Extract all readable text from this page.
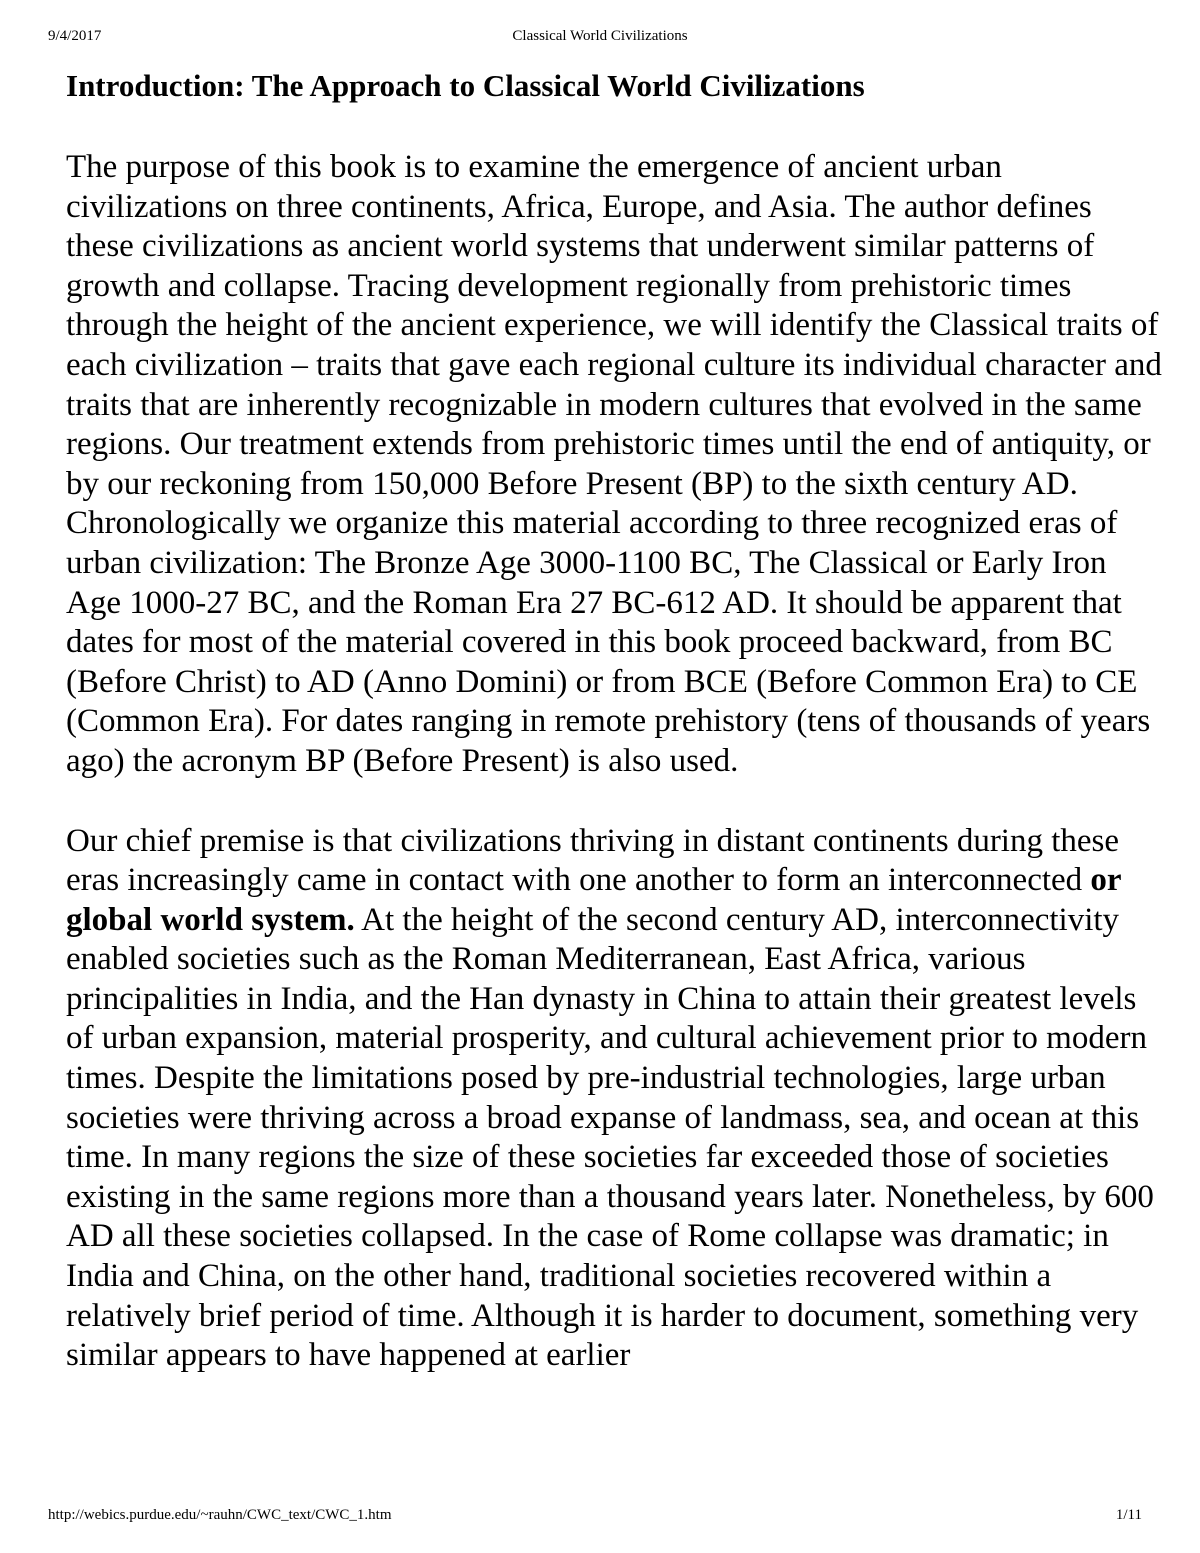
9/4/2017	Classical World Civilizations
Introduction: The Approach to Classical World Civilizations

The purpose of this book is to examine the emergence of ancient urban civilizations on three continents, Africa, Europe, and Asia. The author defines these civilizations as ancient world systems that underwent similar patterns of growth and collapse. Tracing development regionally from prehistoric times through the height of the ancient experience, we will identify the Classical traits of each civilization – traits that gave each regional culture its individual character and traits that are inherently recognizable in modern cultures that evolved in the same regions. Our treatment extends from prehistoric times until the end of antiquity, or by our reckoning from 150,000 Before Present (BP) to the sixth century AD. Chronologically we organize this material according to three recognized eras of urban civilization: The Bronze Age 3000-1100 BC, The Classical or Early Iron Age 1000-27 BC, and the Roman Era 27 BC-612 AD. It should be apparent that dates for most of the material covered in this book proceed backward, from BC (Before Christ) to AD (Anno Domini) or from BCE (Before Common Era) to CE (Common Era). For dates ranging in remote prehistory (tens of thousands of years ago) the acronym BP (Before Present) is also used.

Our chief premise is that civilizations thriving in distant continents during these eras increasingly came in contact with one another to form an interconnected or global world system. At the height of the second century AD, interconnectivity enabled societies such as the Roman Mediterranean, East Africa, various principalities in India, and the Han dynasty in China to attain their greatest levels of urban expansion, material prosperity, and cultural achievement prior to modern times. Despite the limitations posed by pre-industrial technologies, large urban societies were thriving across a broad expanse of landmass, sea, and ocean at this time. In many regions the size of these societies far exceeded those of societies existing in the same regions more than a thousand years later. Nonetheless, by 600 AD all these societies collapsed. In the case of Rome collapse was dramatic; in India and China, on the other hand, traditional societies recovered within a relatively brief period of time. Although it is harder to document, something very similar appears to have happened at earlier

http://webics.purdue.edu/~rauhn/CWC_text/CWC_1.htm	1/11
